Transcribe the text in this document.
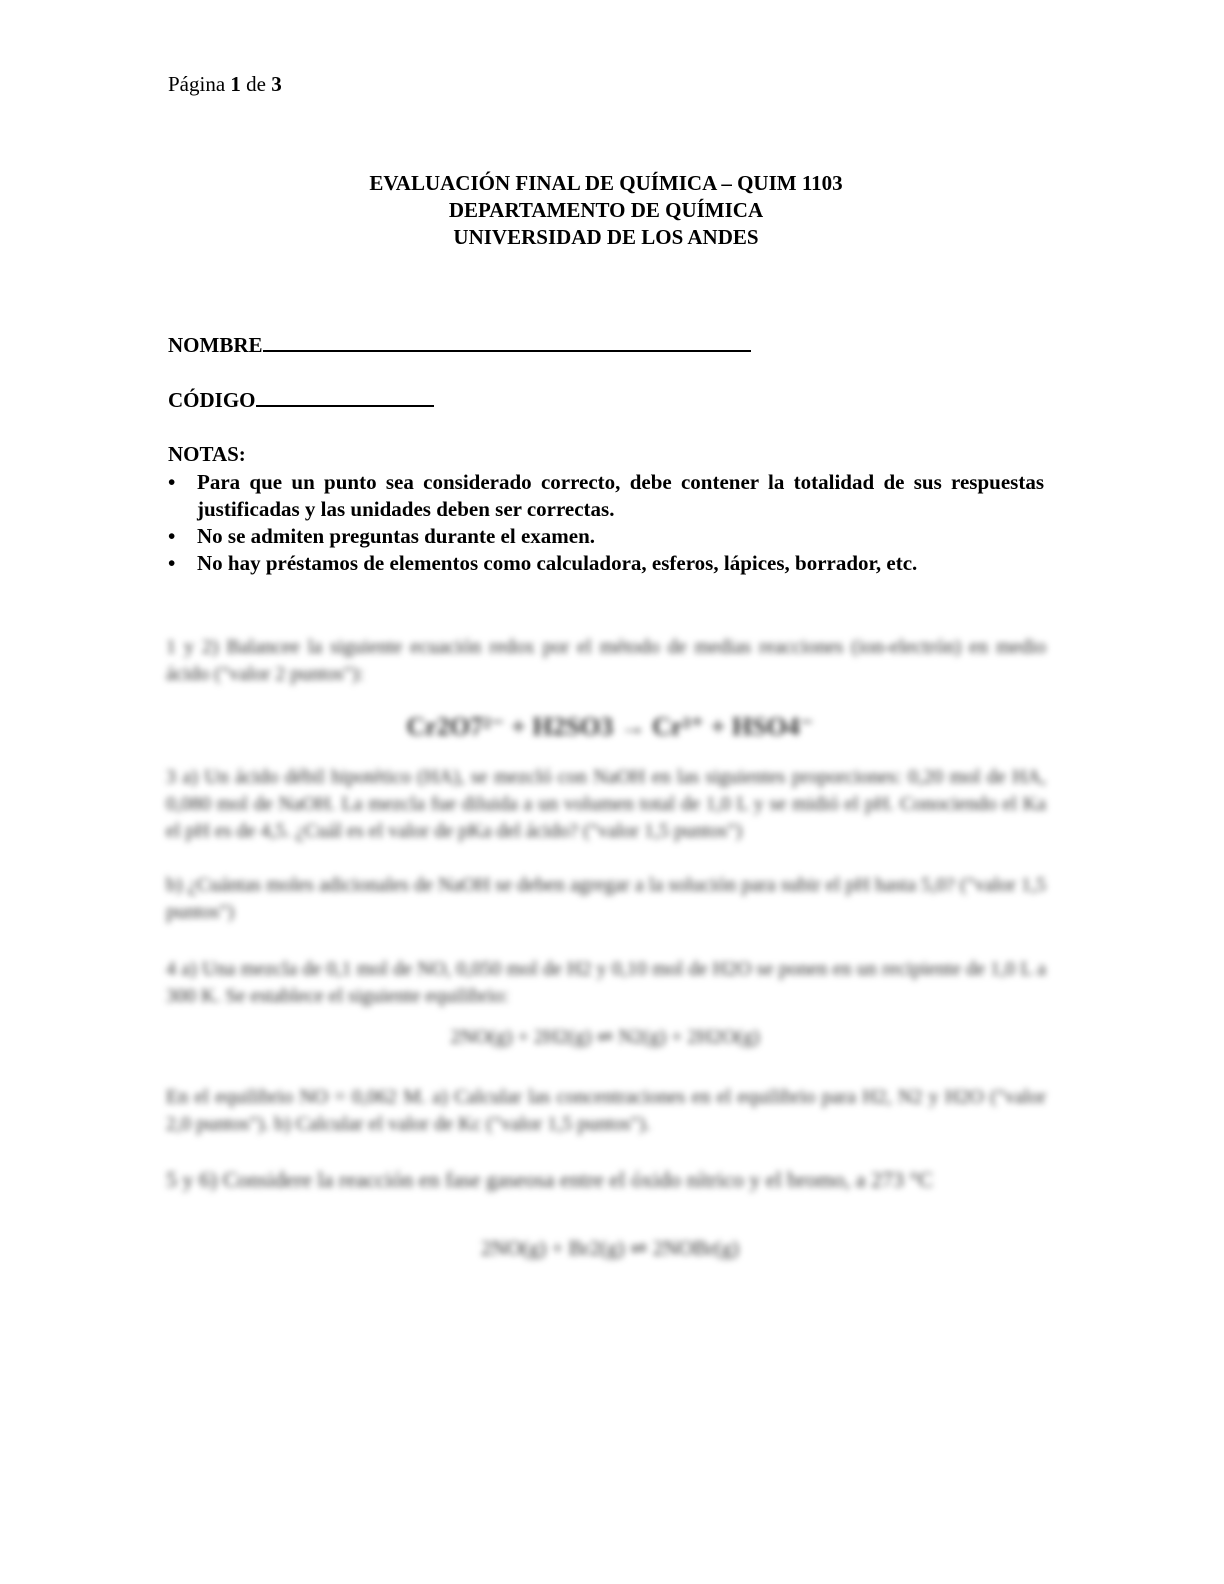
Página 1 de 3
EVALUACIÓN FINAL DE QUÍMICA – QUIM 1103
DEPARTAMENTO DE QUÍMICA
UNIVERSIDAD DE LOS ANDES
NOMBRE
CÓDIGO
NOTAS:
• Para que un punto sea considerado correcto, debe contener la totalidad de sus respuestas justificadas y las unidades deben ser correctas.
• No se admiten preguntas durante el examen.
• No hay préstamos de elementos como calculadora, esferos, lápices, borrador, etc.
1 y 2) Balancee la siguiente ecuación redox por el método de medias reacciones (ion-electrón) en medio ácido ("valor 2 puntos"):
Cr2O7²⁻ + H2SO3 → Cr³⁺ + HSO4⁻
3 a) Un ácido débil hipotético (HA), se mezcló con NaOH en las siguientes proporciones: 0,20 mol de HA, 0,080 mol de NaOH. La mezcla fue diluida a un volumen total de 1,0 L y se midió el pH. Conociendo el Ka el pH es de 4,5. ¿Cuál es el valor de pKa del ácido? ("valor 1,5 puntos")
b) ¿Cuántas moles adicionales de NaOH se deben agregar a la solución para subir el pH hasta 5,0? ("valor 1,5 puntos")
4 a) Una mezcla de 0,1 mol de NO, 0,050 mol de H2 y 0,10 mol de H2O se ponen en un recipiente de 1,0 L a 300 K. Se establece el siguiente equilibrio:
2NO(g) + 2H2(g) ⇌ N2(g) + 2H2O(g)
En el equilibrio NO = 0,062 M. a) Calcular las concentraciones en el equilibrio para H2, N2 y H2O ("valor 2,0 puntos"). b) Calcular el valor de Kc ("valor 1,5 puntos").
5 y 6) Considere la reacción en fase gaseosa entre el óxido nítrico y el bromo, a 273 °C
2NO(g) + Br2(g) ⇌ 2NOBr(g)
